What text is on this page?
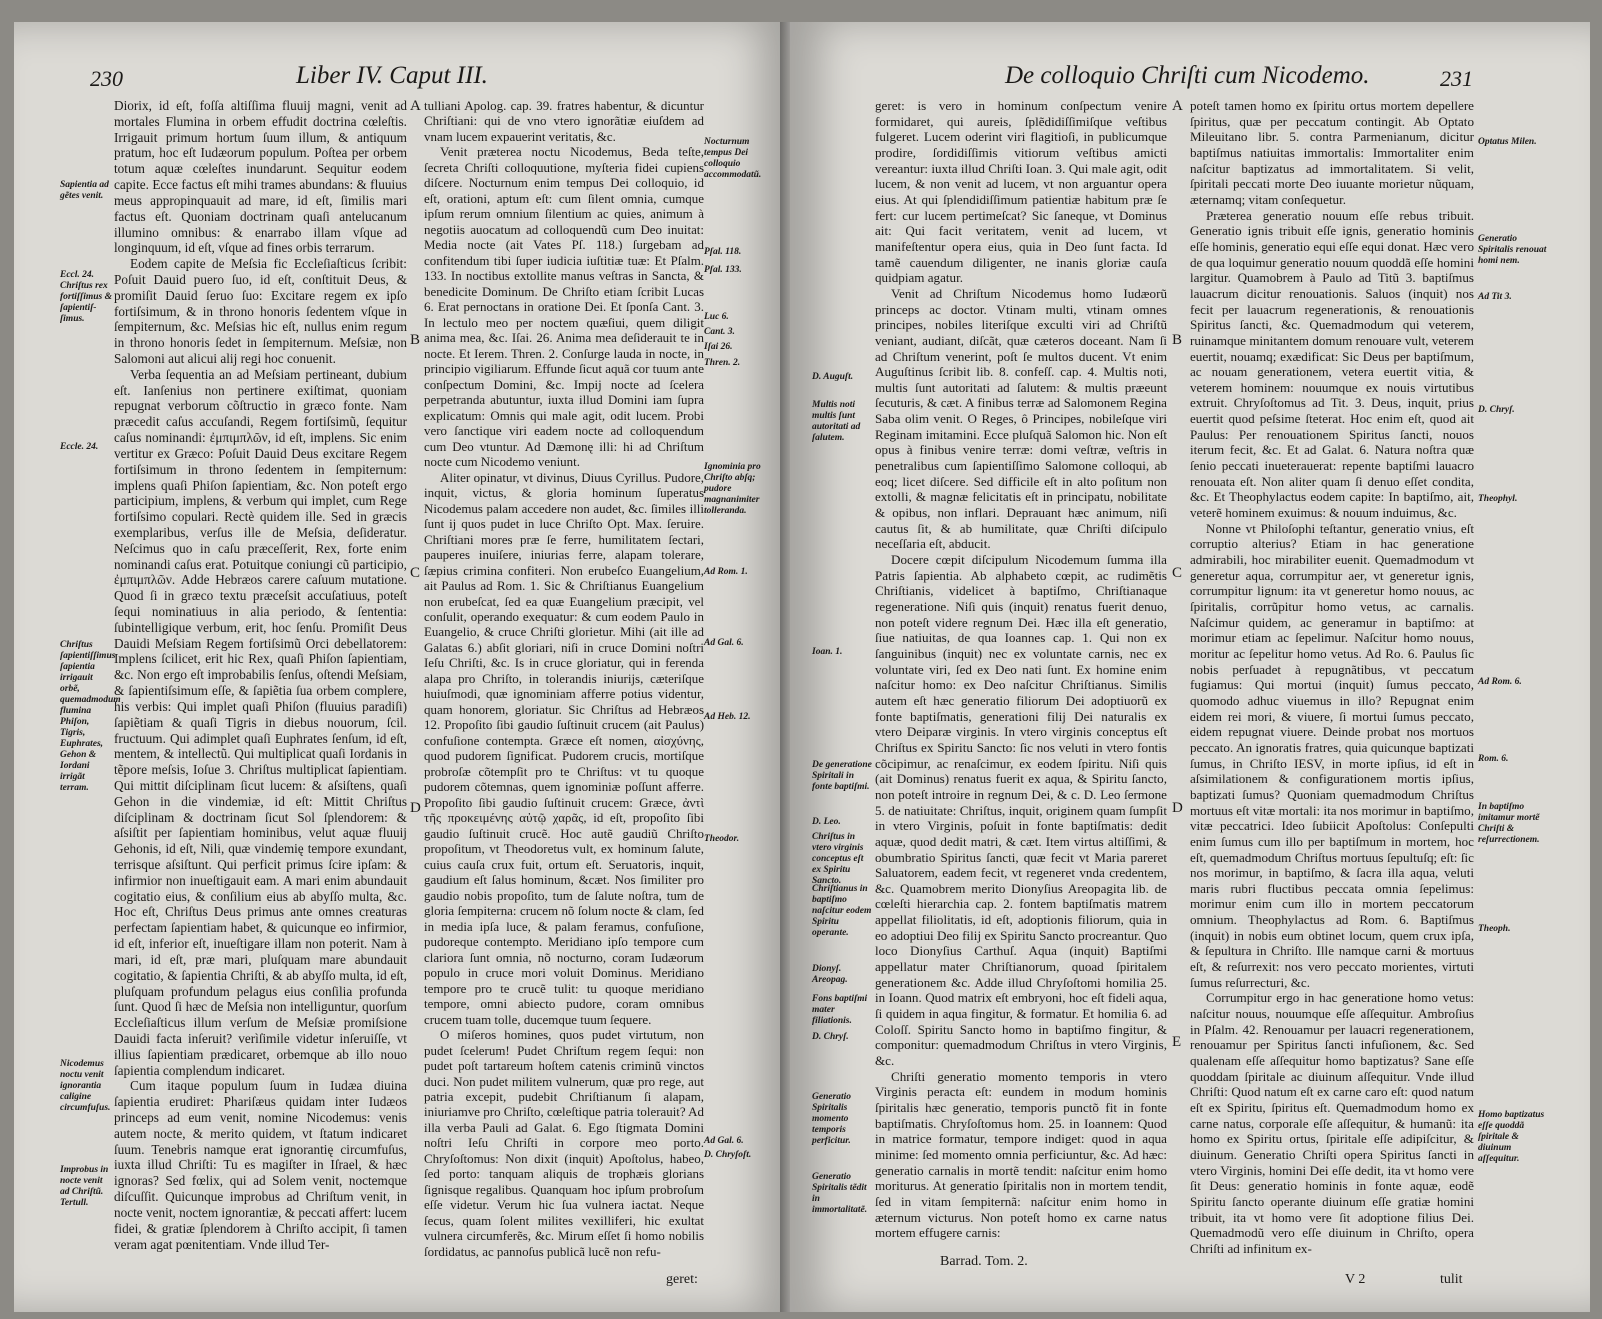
230	Liber IV. Caput III.

Diorix, id eſt, foſſa altiſſima fluuij magni, venit ad mortales Flumina in orbem effudit doctrina cœleſtis. Irrigauit primum hortum ſuum illum, & antiquum pratum, hoc eſt Iudæorum populum. Poſtea per orbem totum aquæ cœleſtes inundarunt. Sequitur eodem capite. Ecce factus eſt mihi trames abundans: & fluuius meus appropinquauit ad mare, id eſt, ſimilis mari factus eſt. Quoniam doctrinam quaſi antelucanum illumino omnibus: & enarrabo illam vſque ad longinquum, id eſt, vſque ad fines orbis terrarum.

Eodem capite de Meſsia fic Eccleſiaſticus ſcribit: Poſuit Dauid puero ſuo, id eſt, conſtituit Deus, & promiſit Dauid ſeruo ſuo: Excitare regem ex ipſo fortiſsimum, & in throno honoris ſedentem vſque in ſempiternum, &c. Meſsias hic eſt, nullus enim regum in throno honoris ſedet in ſempiternum. Meſsiæ, non Salomoni aut alicui alij regi hoc conuenit.

Verba ſequentia an ad Meſsiam pertineant, dubium eſt. Ianſenius non pertinere exiſtimat, quoniam repugnat verborum cõſtructio in græco fonte. Nam præcedit caſus accuſandi, Regem fortiſsimũ, ſequitur caſus nominandi: ἐμπιμπλῶν, id eſt, implens. Sic enim vertitur ex Græco: Poſuit Dauid Deus excitare Regem fortiſsimum in throno ſedentem in ſempiternum: implens quaſi Phiſon ſapientiam, &c. Non poteſt ergo participium, implens, & verbum qui implet, cum Rege fortiſsimo copulari. Rectè quidem ille. Sed in græcis exemplaribus, verſus ille de Meſsia, deſideratur. Neſcimus quo in caſu præceſſerit, Rex, forte enim nominandi caſus erat. Potuitque coniungi cũ participio, ἐμπιμπλῶν. Adde Hebræos carere caſuum mutatione. Quod ſi in græco textu præceſsit accuſatiuus, poteſt ſequi nominatiuus in alia periodo, & ſententia: ſubintelligique verbum, erit, hoc ſenſu. Promiſit Deus Dauidi Meſsiam Regem fortiſsimũ Orci debellatorem: Implens ſcilicet, erit hic Rex, quaſi Phiſon ſapientiam, &c. Non ergo eſt improbabilis ſenſus, oſtendi Meſsiam, & ſapientiſsimum eſſe, & ſapiẽtia ſua orbem complere, his verbis: Qui implet quaſi Phiſon (fluuius paradiſi) ſapiẽtiam & quaſi Tigris in diebus nouorum, ſcil. fructuum. Qui adimplet quaſi Euphrates ſenſum, id eſt, mentem, & intellectũ. Qui multiplicat quaſi Iordanis in tẽpore meſsis, Ioſue 3. Chriſtus multiplicat ſapientiam. Qui mittit diſciplinam ſicut lucem: & aſsiſtens, quaſi Gehon in die vindemiæ, id eſt: Mittit Chriſtus diſciplinam & doctrinam ſicut Sol ſplendorem: & aſsiſtit per ſapientiam hominibus, velut aquæ fluuij Gehonis, id eſt, Nili, quæ vindemię tempore exundant, terrisque aſsiſtunt. Qui perficit primus ſcire ipſam: & infirmior non inueſtigauit eam. A mari enim abundauit cogitatio eius, & conſilium eius ab abyſſo multa, &c. Hoc eſt, Chriſtus Deus primus ante omnes creaturas perfectam ſapientiam habet, & quicunque eo infirmior, id eſt, inferior eſt, inueſtigare illam non poterit. Nam à mari, id eſt, præ mari, pluſquam mare abundauit cogitatio, & ſapientia Chriſti, & ab abyſſo multa, id eſt, pluſquam profundum pelagus eius conſilia profunda ſunt. Quod ſi hæc de Meſsia non intelliguntur, quorſum Eccleſiaſticus illum verſum de Meſsiæ promiſsione Dauidi facta inſeruit? verìſimile videtur inſeruiſſe, vt illius ſapientiam prædicaret, orbemque ab illo nouo ſapientia complendum indicaret.

Cum itaque populum ſuum in Iudæa diuina ſapientia erudiret: Phariſæus quidam inter Iudæos princeps ad eum venit, nomine Nicodemus: venis autem nocte, & merito quidem, vt ſtatum indicaret ſuum. Tenebris namque erat ignorantię circumfuſus, iuxta illud Chriſti: Tu es magiſter in Iſrael, & hæc ignoras? Sed fœlix, qui ad Solem venit, noctemque diſcuſſit. Quicunque improbus ad Chriſtum venit, in nocte venit, noctem ignorantiæ, & peccati affert: lucem fidei, & gratiæ ſplendorem à Chriſto accipit, ſi tamen veram agat pœnitentiam. Vnde illud Ter-

tulliani Apolog. cap. 39. fratres habentur, & dicuntur Chriſtiani: qui de vno vtero ignorãtiæ eiuſdem ad vnam lucem expauerint veritatis, &c.

Venit præterea noctu Nicodemus, Beda teſte, ſecreta Chriſti colloquutione, myſteria fidei cupiens diſcere. Nocturnum enim tempus Dei colloquio, id eſt, orationi, aptum eſt: cum ſilent omnia, cumque ipſum rerum omnium ſilentium ac quies, animum à negotiis auocatum ad colloquendũ cum Deo inuitat: Media nocte (ait Vates Pſ. 118.) ſurgebam ad confitendum tibi ſuper iudicia iuſtitiæ tuæ: Et Pſalm. 133. In noctibus extollite manus veſtras in Sancta, & benedicite Dominum. De Chriſto etiam ſcribit Lucas 6. Erat pernoctans in oratione Dei. Et ſponſa Cant. 3. In lectulo meo per noctem quæſiui, quem diligit anima mea, &c. Iſai. 26. Anima mea deſiderauit te in nocte. Et Ierem. Thren. 2. Conſurge lauda in nocte, in principio vigiliarum. Effunde ſicut aquã cor tuum ante conſpectum Domini, &c. Impij nocte ad ſcelera perpetranda abutuntur, iuxta illud Domini iam ſupra explicatum: Omnis qui male agit, odit lucem. Probi vero ſanctique viri eadem nocte ad colloquendum cum Deo vtuntur. Ad Dæmonę illi: hi ad Chriſtum nocte cum Nicodemo veniunt.

Aliter opinatur, vt divinus, Diuus Cyrillus. Pudore, inquit, victus, & gloria hominum ſuperatus Nicodemus palam accedere non audet, &c. ſimiles illi ſunt ij quos pudet in luce Chriſto Opt. Max. ſeruire. Chriſtiani mores præ ſe ferre, humilitatem ſectari, pauperes inuiſere, iniurias ferre, alapam tolerare, ſæpius crimina confiteri. Non erubeſco Euangelium, ait Paulus ad Rom. 1. Sic & Chriſtianus Euangelium non erubeſcat, ſed ea quæ Euangelium præcipit, vel conſulit, operando exequatur: & cum eodem Paulo in Euangelio, & cruce Chriſti glorietur. Mihi (ait ille ad Galatas 6.) abſit gloriari, niſi in cruce Domini noſtri Ieſu Chriſti, &c. Is in cruce gloriatur, qui in ferenda alapa pro Chriſto, in tolerandis iniurijs, cæteriſque huiuſmodi, quæ ignominiam afferre potius videntur, quam honorem, gloriatur. Sic Chriſtus ad Hebræos 12. Propoſito ſibi gaudio ſuſtinuit crucem (ait Paulus) confuſione contempta. Græce eſt nomen, αἰσχύνης, quod pudorem ſignificat. Pudorem crucis, mortiſque probroſæ cõtempſit pro te Chriſtus: vt tu quoque pudorem cõtemnas, quem ignominiæ poſſunt afferre. Propoſito ſibi gaudio ſuſtinuit crucem: Græce, ἀντὶ τῆς προκειμένης αὐτῷ χαρᾶς, id eſt, propoſito ſibi gaudio ſuſtinuit crucẽ. Hoc autẽ gaudiũ Chriſto propoſitum, vt Theodoretus vult, ex hominum ſalute, cuius cauſa crux fuit, ortum eſt. Seruatoris, inquit, gaudium eſt ſalus hominum, &cæt. Nos ſimiliter pro gaudio nobis propoſito, tum de ſalute noſtra, tum de gloria ſempiterna: crucem nõ ſolum nocte & clam, ſed in media ipſa luce, & palam feramus, confuſione, pudoreque contempto. Meridiano ipſo tempore cum clariora ſunt omnia, nõ nocturno, coram Iudæorum populo in cruce mori voluit Dominus. Meridiano tempore pro te crucẽ tulit: tu quoque meridiano tempore, omni abiecto pudore, coram omnibus crucem tuam tolle, ducemque tuum ſequere.

O miſeros homines, quos pudet virtutum, non pudet ſcelerum! Pudet Chriſtum regem ſequi: non pudet poſt tartareum hoſtem catenis criminũ vinctos duci. Non pudet militem vulnerum, quæ pro rege, aut patria excepit, pudebit Chriſtianum ſi alapam, iniuriamve pro Chriſto, cœleſtique patria tolerauit? Ad illa verba Pauli ad Galat. 6. Ego ſtigmata Domini noſtri Ieſu Chriſti in corpore meo porto. Chryſoſtomus: Non dixit (inquit) Apoſtolus, habeo, ſed porto: tanquam aliquis de trophæis glorians ſignisque regalibus. Quanquam hoc ipſum probroſum eſſe videtur. Verum hic ſua vulnera iactat. Neque ſecus, quam ſolent milites vexilliferi, hic exultat vulnera circumferẽs, &c. Mirum eſſet ſi homo nobilis ſordidatus, ac pannoſus publicã lucẽ non refu-

Sapientia ad gẽtes venit.
Eccl. 24. Chriſtus rex fortiſſimus & ſapientiſ-ſimus.
Eccle. 24.
Chriſtus ſapientiſſimus ſapientia irrigauit orbẽ, quemadmodum flumina Phiſon, Tigris, Euphrates, Gehon & Iordani irrigãt terram.
Nicodemus noctu venit ignorantia caligine circumfuſus.
Improbus in nocte venit ad Chriſtũ. Tertull.
Nocturnum tempus Dei colloquio accommodatũ.
Pſal. 118.
Pſal. 133.
Luc 6.
Cant. 3.
Iſai 26.
Thren. 2.
Ignominia pro Chriſto abſq; pudore magnanimiter tolleranda.
Ad Rom. 1.
Ad Gal. 6.
Ad Heb. 12.
Theodor.
Ad Gal. 6.
D. Chryſoſt.
A
B
C
D
geret:
De colloquio Chriſti cum Nicodemo.	231

geret: is vero in hominum conſpectum venire formidaret, qui aureis, ſplẽdidiſſimiſque veſtibus fulgeret. Lucem oderint viri flagitioſi, in publicumque prodire, ſordidiſſimis vitiorum veſtibus amicti vereantur: iuxta illud Chriſti Ioan. 3. Qui male agit, odit lucem, & non venit ad lucem, vt non arguantur opera eius. At qui ſplendidiſſimum patientiæ habitum præ ſe fert: cur lucem pertimeſcat? Sic ſaneque, vt Dominus ait: Qui facit veritatem, venit ad lucem, vt manifeſtentur opera eius, quia in Deo ſunt facta. Id tamẽ cauendum diligenter, ne inanis gloriæ cauſa quidpiam agatur.

Venit ad Chriſtum Nicodemus homo Iudæorũ princeps ac doctor. Vtinam multi, vtinam omnes principes, nobiles literiſque exculti viri ad Chriſtũ veniant, audiant, diſcãt, quæ cæteros doceant. Nam ſi ad Chriſtum venerint, poſt ſe multos ducent. Vt enim Auguſtinus ſcribit lib. 8. confeſſ. cap. 4. Multis noti, multis ſunt autoritati ad ſalutem: & multis præeunt ſecuturis, & cæt. A finibus terræ ad Salomonem Regina Saba olim venit. O Reges, ô Principes, nobileſque viri Reginam imitamini. Ecce pluſquã Salomon hic. Non eſt opus à finibus venire terræ: domi veſtræ, veſtris in penetralibus cum ſapientiſſimo Salomone colloqui, ab eoq; licet diſcere. Sed difficile eſt in alto poſitum non extolli, & magnæ felicitatis eſt in principatu, nobilitate & opibus, non inflari. Deprauant hæc animum, niſi cautus ſit, & ab humilitate, quæ Chriſti diſcipulo neceſſaria eſt, abducit.

Docere cœpit diſcipulum Nicodemum ſumma illa Patris ſapientia. Ab alphabeto cœpit, ac rudimẽtis Chriſtianis, videlicet à baptiſmo, Chriſtianaque regeneratione. Niſi quis (inquit) renatus fuerit denuo, non poteſt videre regnum Dei. Hæc illa eſt generatio, ſiue natiuitas, de qua Ioannes cap. 1. Qui non ex ſanguinibus (inquit) nec ex voluntate carnis, nec ex voluntate viri, ſed ex Deo nati ſunt. Ex homine enim naſcitur homo: ex Deo naſcitur Chriſtianus. Similis autem eſt hæc generatio filiorum Dei adoptiuorũ ex fonte baptiſmatis, generationi filij Dei naturalis ex vtero Deiparæ virginis. In vtero virginis conceptus eſt Chriſtus ex Spiritu Sancto: ſic nos veluti in vtero fontis cõcipimur, ac renaſcimur, ex eodem ſpiritu. Niſi quis (ait Dominus) renatus fuerit ex aqua, & Spiritu ſancto, non poteſt introire in regnum Dei, & c. D. Leo ſermone 5. de natiuitate: Chriſtus, inquit, originem quam ſumpſit in vtero Virginis, poſuit in fonte baptiſmatis: dedit aquæ, quod dedit matri, & cæt. Item virtus altiſſimi, & obumbratio Spiritus ſancti, quæ fecit vt Maria pareret Saluatorem, eadem fecit, vt regeneret vnda credentem, &c. Quamobrem merito Dionyſius Areopagita lib. de cœleſti hierarchia cap. 2. fontem baptiſmatis matrem appellat filiolitatis, id eſt, adoptionis filiorum, quia in eo adoptiui Deo filij ex Spiritu Sancto procreantur. Quo loco Dionyſius Carthuſ. Aqua (inquit) Baptiſmi appellatur mater Chriſtianorum, quoad ſpiritalem generationem &c. Adde illud Chryſoſtomi homilia 25. in Ioann. Quod matrix eſt embryoni, hoc eſt fideli aqua, ſi quidem in aqua fingitur, & formatur. Et homilia 6. ad Coloſſ. Spiritu Sancto homo in baptiſmo fingitur, & componitur: quemadmodum Chriſtus in vtero Virginis, &c.

Chriſti generatio momento temporis in vtero Virginis peracta eſt: eundem in modum hominis ſpiritalis hæc generatio, temporis punctõ fit in fonte baptiſmatis. Chryſoſtomus hom. 25. in Ioannem: Quod in matrice formatur, tempore indiget: quod in aqua minime: ſed momento omnia perficiuntur, &c. Ad hæc: generatio carnalis in mortẽ tendit: naſcitur enim homo moriturus. At generatio ſpiritalis non in mortem tendit, ſed in vitam ſempiternã: naſcitur enim homo in æternum victurus. Non poteſt homo ex carne natus mortem effugere carnis:

poteſt tamen homo ex ſpiritu ortus mortem depellere ſpiritus, quæ per peccatum contingit. Ab Optato Mileuitano libr. 5. contra Parmenianum, dicitur baptiſmus natiuitas immortalis: Immortaliter enim naſcitur baptizatus ad immortalitatem. Si velit, ſpiritali peccati morte Deo iuuante morietur nũquam, æternamq; vitam conſequetur.

Præterea generatio nouum eſſe rebus tribuit. Generatio ignis tribuit eſſe ignis, generatio hominis eſſe hominis, generatio equi eſſe equi donat. Hæc vero de qua loquimur generatio nouum quoddã eſſe homini largitur. Quamobrem à Paulo ad Titũ 3. baptiſmus lauacrum dicitur renouationis. Saluos (inquit) nos fecit per lauacrum regenerationis, & renouationis Spiritus ſancti, &c. Quemadmodum qui veterem, ruinamque minitantem domum renouare vult, veterem euertit, nouamq; exædificat: Sic Deus per baptiſmum, ac nouam generationem, vetera euertit vitia, & veterem hominem: nouumque ex nouis virtutibus extruit. Chryſoſtomus ad Tit. 3. Deus, inquit, prius euertit quod peſsime ſteterat. Hoc enim eſt, quod ait Paulus: Per renouationem Spiritus ſancti, nouos iterum fecit, &c. Et ad Galat. 6. Natura noſtra quæ ſenio peccati inueterauerat: repente baptiſmi lauacro renouata eſt. Non aliter quam ſi denuo eſſet condita, &c. Et Theophylactus eodem capite: In baptiſmo, ait, veterẽ hominem exuimus: & nouum induimus, &c.

Nonne vt Philoſophi teſtantur, generatio vnius, eſt corruptio alterius? Etiam in hac generatione admirabili, hoc mirabiliter euenit. Quemadmodum vt generetur aqua, corrumpitur aer, vt generetur ignis, corrumpitur lignum: ita vt generetur homo nouus, ac ſpiritalis, corrũpitur homo vetus, ac carnalis. Naſcimur quidem, ac generamur in baptiſmo: at morimur etiam ac ſepelimur. Naſcitur homo nouus, moritur ac ſepelitur homo vetus. Ad Ro. 6. Paulus ſic nobis perſuadet à repugnãtibus, vt peccatum fugiamus: Qui mortui (inquit) ſumus peccato, quomodo adhuc viuemus in illo? Repugnat enim eidem rei mori, & viuere, ſi mortui ſumus peccato, eidem repugnat viuere. Deinde probat nos mortuos peccato. An ignoratis fratres, quia quicunque baptizati ſumus, in Chriſto IESV, in morte ipſius, id eſt in aſsimilationem & configurationem mortis ipſius, baptizati ſumus? Quoniam quemadmodum Chriſtus mortuus eſt vitæ mortali: ita nos morimur in baptiſmo, vitæ peccatrici. Ideo ſubiicit Apoſtolus: Conſepulti enim ſumus cum illo per baptiſmum in mortem, hoc eſt, quemadmodum Chriſtus mortuus ſepultuſq; eſt: ſic nos morimur, in baptiſmo, & ſacra illa aqua, veluti maris rubri fluctibus peccata omnia ſepelimus: morimur enim cum illo in mortem peccatorum omnium. Theophylactus ad Rom. 6. Baptiſmus (inquit) in nobis eum obtinet locum, quem crux ipſa, & ſepultura in Chriſto. Ille namque carni & mortuus eſt, & reſurrexit: nos vero peccato morientes, virtuti ſumus reſurrecturi, &c.

Corrumpitur ergo in hac generatione homo vetus: naſcitur nouus, nouumque eſſe aſſequitur. Ambroſius in Pſalm. 42. Renouamur per lauacri regenerationem, renouamur per Spiritus ſancti infuſionem, &c. Sed qualenam eſſe aſſequitur homo baptizatus? Sane eſſe quoddam ſpiritale ac diuinum aſſequitur. Vnde illud Chriſti: Quod natum eſt ex carne caro eſt: quod natum eſt ex Spiritu, ſpiritus eſt. Quemadmodum homo ex carne natus, corporale eſſe aſſequitur, & humanũ: ita homo ex Spiritu ortus, ſpiritale eſſe adipiſcitur, & diuinum. Generatio Chriſti opera Spiritus ſancti in vtero Virginis, homini Dei eſſe dedit, ita vt homo vere ſit Deus: generatio hominis in fonte aquæ, eodẽ Spiritu ſancto operante diuinum eſſe gratiæ homini tribuit, ita vt homo vere ſit adoptione filius Dei. Quemadmodũ vero eſſe diuinum in Chriſto, opera Chriſti ad infinitum ex-

D. Auguſt.
Multis noti multis ſunt autoritati ad ſalutem.
Ioan. 1.
De generatione Spiritali in fonte baptiſmi.
D. Leo.
Chriſtus in vtero virginis conceptus eſt ex Spiritu Sancto.
Chriſtianus in baptiſmo naſcitur eodem Spiritu operante.
Dionyſ. Areopag.
Fons baptiſmi mater filiationis.
D. Chryſ.
Generatio Spiritalis momento temporis perficitur.
Generatio Spiritalis tẽdit in immortalitatẽ.
Optatus Milen.
Generatio Spiritalis renouat homi nem.
Ad Tit 3.
D. Chryſ.
Theophyl.
Ad Rom. 6.
Rom. 6.
In baptiſmo imitamur mortẽ Chriſti & reſurrectionem.
Theoph.
Homo baptizatus eſſe quoddã ſpiritale & diuinum aſſequitur.
A
B
C
D
E
Barrad. Tom. 2.
V 2	tulit
